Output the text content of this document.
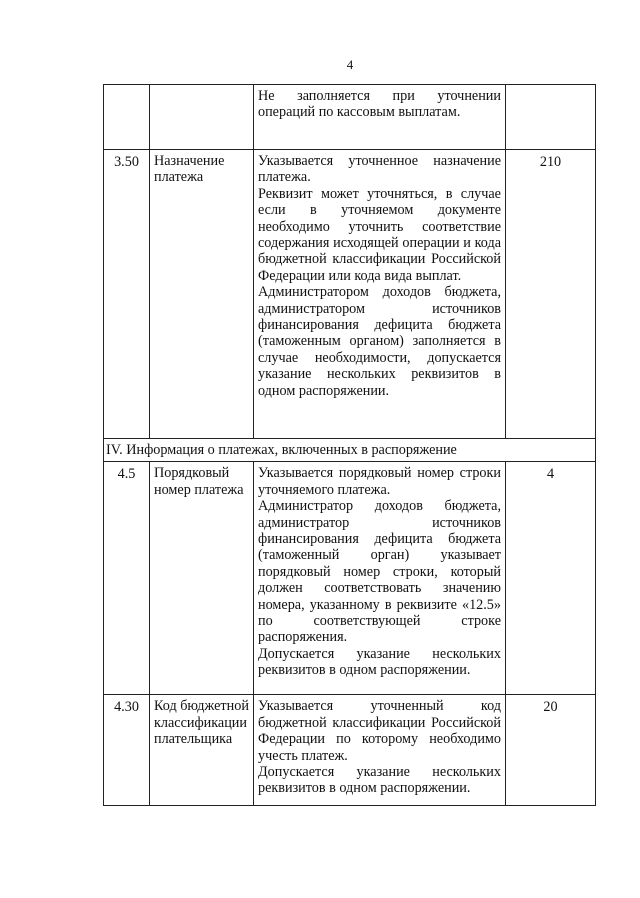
4

		Не заполняется при уточнении операций по кассовым выплатам.	

3.50	Назначение платежа	Указывается уточненное назначение платежа.

Реквизит может уточняться, в случае если в уточняемом документе необходимо уточнить соответствие содержания исходящей операции и кода бюджетной классификации Российской Федерации или кода вида выплат.

Администратором доходов бюджета, администратором источников финансирования дефицита бюджета (таможенным органом) заполняется в случае необходимости, допускается указание нескольких реквизитов в одном распоряжении.	210
IV. Информация о платежах, включенных в распоряжение			
4.5	Порядковый номер платежа	Указывается порядковый номер строки уточняемого платежа.

Администратор доходов бюджета, администратор источников финансирования дефицита бюджета (таможенный орган) указывает порядковый номер строки, который должен соответствовать значению номера, указанному в реквизите «12.5» по соответствующей строке распоряжения.

Допускается указание нескольких реквизитов в одном распоряжении.	4
4.30	Код бюджетной классификации плательщика	Указывается уточненный код бюджетной классификации Российской Федерации по которому необходимо учесть платеж.

Допускается указание нескольких реквизитов в одном распоряжении.	20
